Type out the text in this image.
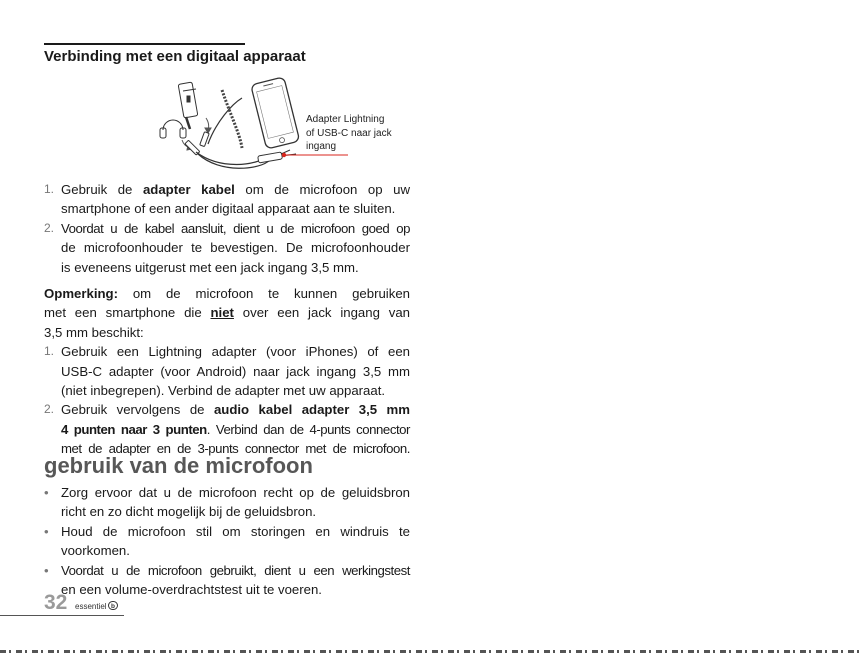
Verbinding met een digitaal apparaat
Adapter Lightning
of USB-C naar jack
ingang
1. Gebruik de adapter kabel om de microfoon op uw
smartphone of een ander digitaal apparaat aan te sluiten.
2. Voordat u de kabel aansluit, dient u de microfoon goed op
de microfoonhouder te bevestigen. De microfoonhouder
is eveneens uitgerust met een jack ingang 3,5 mm.
Opmerking: om de microfoon te kunnen gebruiken
met een smartphone die niet over een jack ingang van
3,5 mm beschikt:
1. Gebruik een Lightning adapter (voor iPhones) of een
USB-C adapter (voor Android) naar jack ingang 3,5 mm
(niet inbegrepen). Verbind de adapter met uw apparaat.
2. Gebruik vervolgens de audio kabel adapter 3,5 mm
4 punten naar 3 punten. Verbind dan de 4-punts connector
met de adapter en de 3-punts connector met de microfoon.
gebruik van de microfoon
• Zorg ervoor dat u de microfoon recht op de geluidsbron
richt en zo dicht mogelijk bij de geluidsbron.
• Houd de microfoon stil om storingen en windruis te
voorkomen.
• Voordat u de microfoon gebruikt, dient u een werkingstest
en een volume-overdrachtstest uit te voeren.
32 essentiel b
